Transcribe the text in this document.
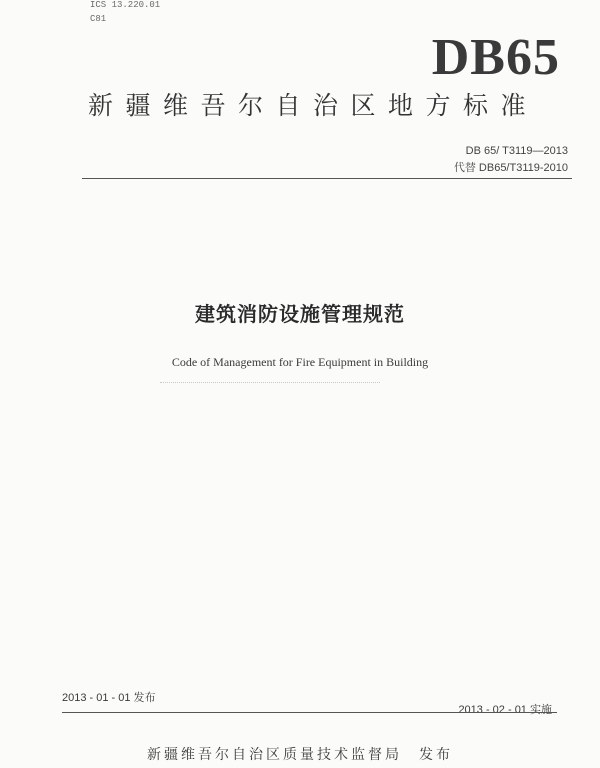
ICS 13.220.01
C81
DB65
新疆维吾尔自治区地方标准
DB 65/ T3119—2013
代替 DB65/T3119-2010
建筑消防设施管理规范
Code of Management for Fire Equipment in Building
2013 - 01 - 01 发布
2013 - 02 - 01 实施
新疆维吾尔自治区质量技术监督局　发布
